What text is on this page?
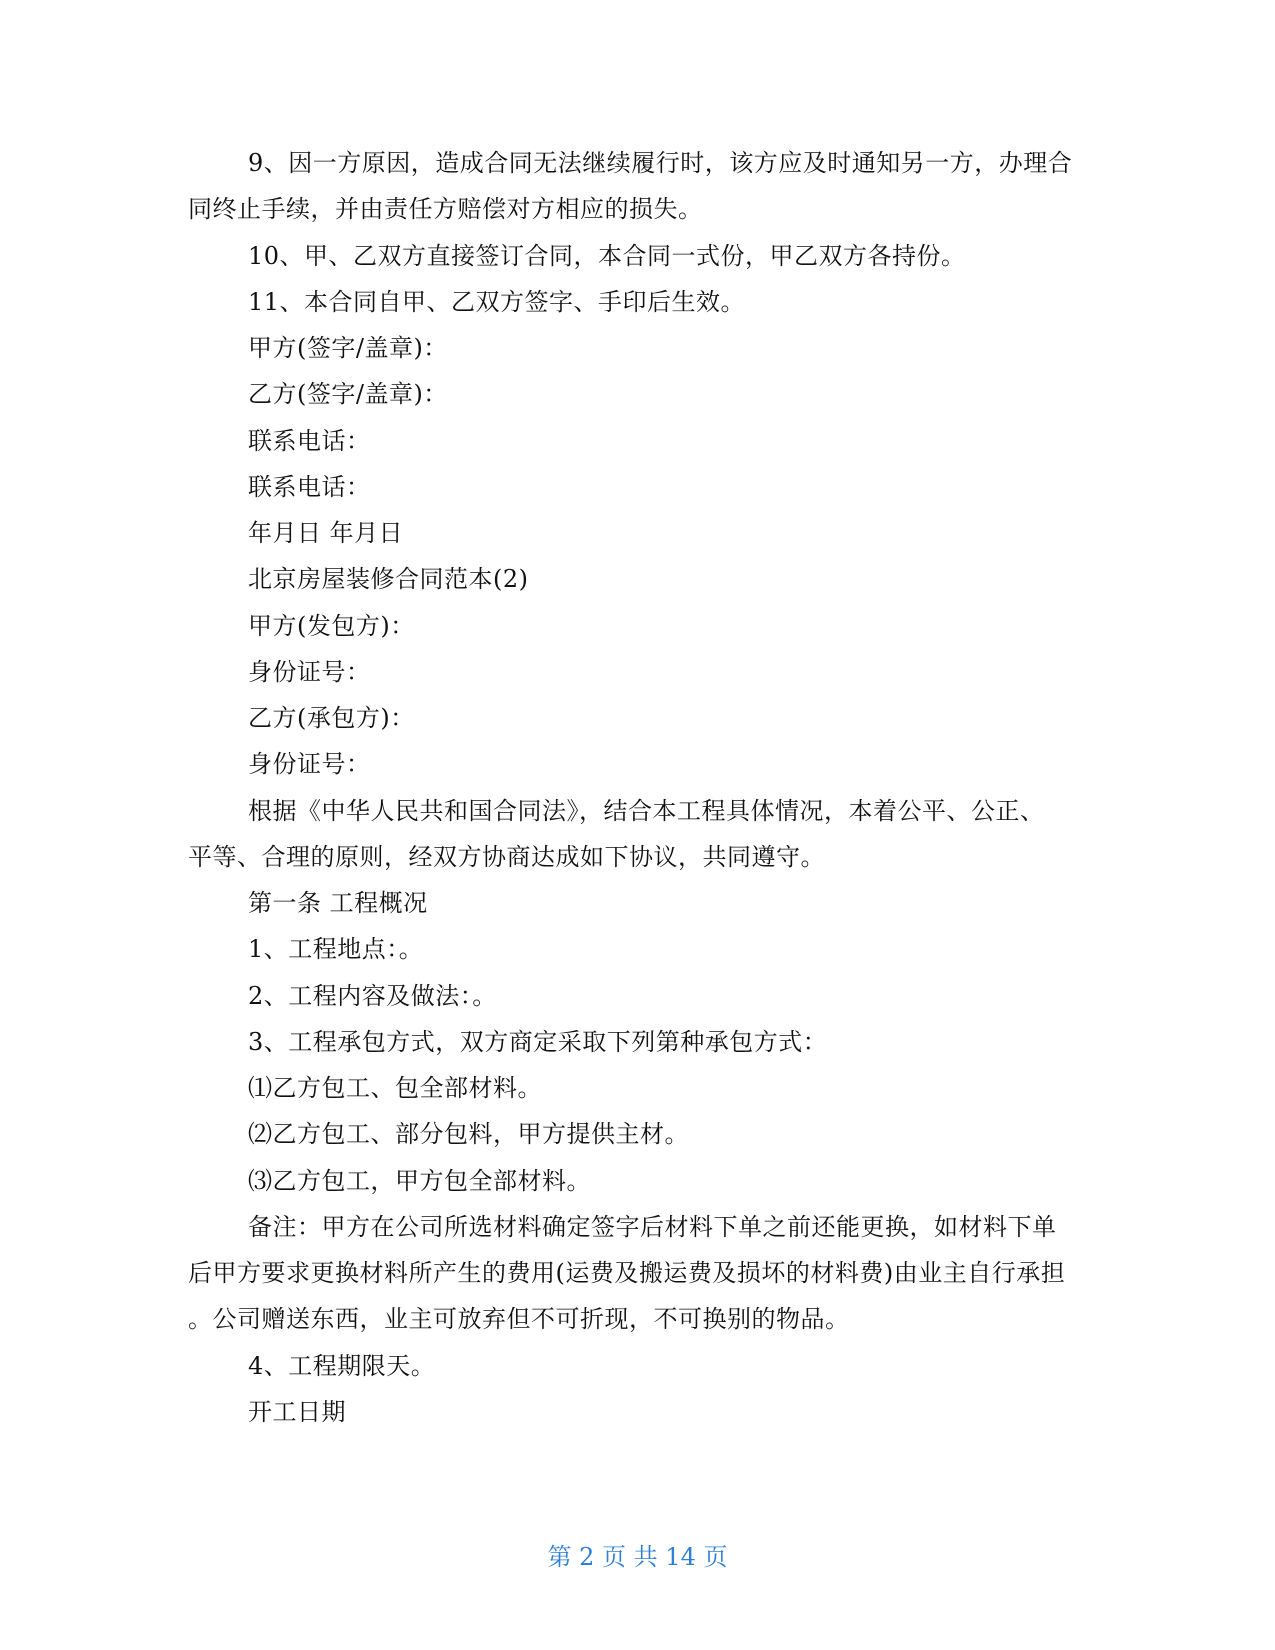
9、因一方原因，造成合同无法继续履行时，该方应及时通知另一方，办理合
同终止手续，并由责任方赔偿对方相应的损失。
10、甲、乙双方直接签订合同，本合同一式份，甲乙双方各持份。
11、本合同自甲、乙双方签字、手印后生效。
甲方(签字/盖章)：
乙方(签字/盖章)：
联系电话：
联系电话：
年月日 年月日
北京房屋装修合同范本(2)
甲方(发包方)：
身份证号：
乙方(承包方)：
身份证号：
根据《中华人民共和国合同法》，结合本工程具体情况，本着公平、公正、
平等、合理的原则，经双方协商达成如下协议，共同遵守。
第一条 工程概况
1、工程地点：。
2、工程内容及做法：。
3、工程承包方式，双方商定采取下列第种承包方式：
⑴乙方包工、包全部材料。
⑵乙方包工、部分包料，甲方提供主材。
⑶乙方包工，甲方包全部材料。
备注：甲方在公司所选材料确定签字后材料下单之前还能更换，如材料下单
后甲方要求更换材料所产生的费用(运费及搬运费及损坏的材料费)由业主自行承担
。公司赠送东西，业主可放弃但不可折现，不可换别的物品。
4、工程期限天。
开工日期
第 2 页 共 14 页
